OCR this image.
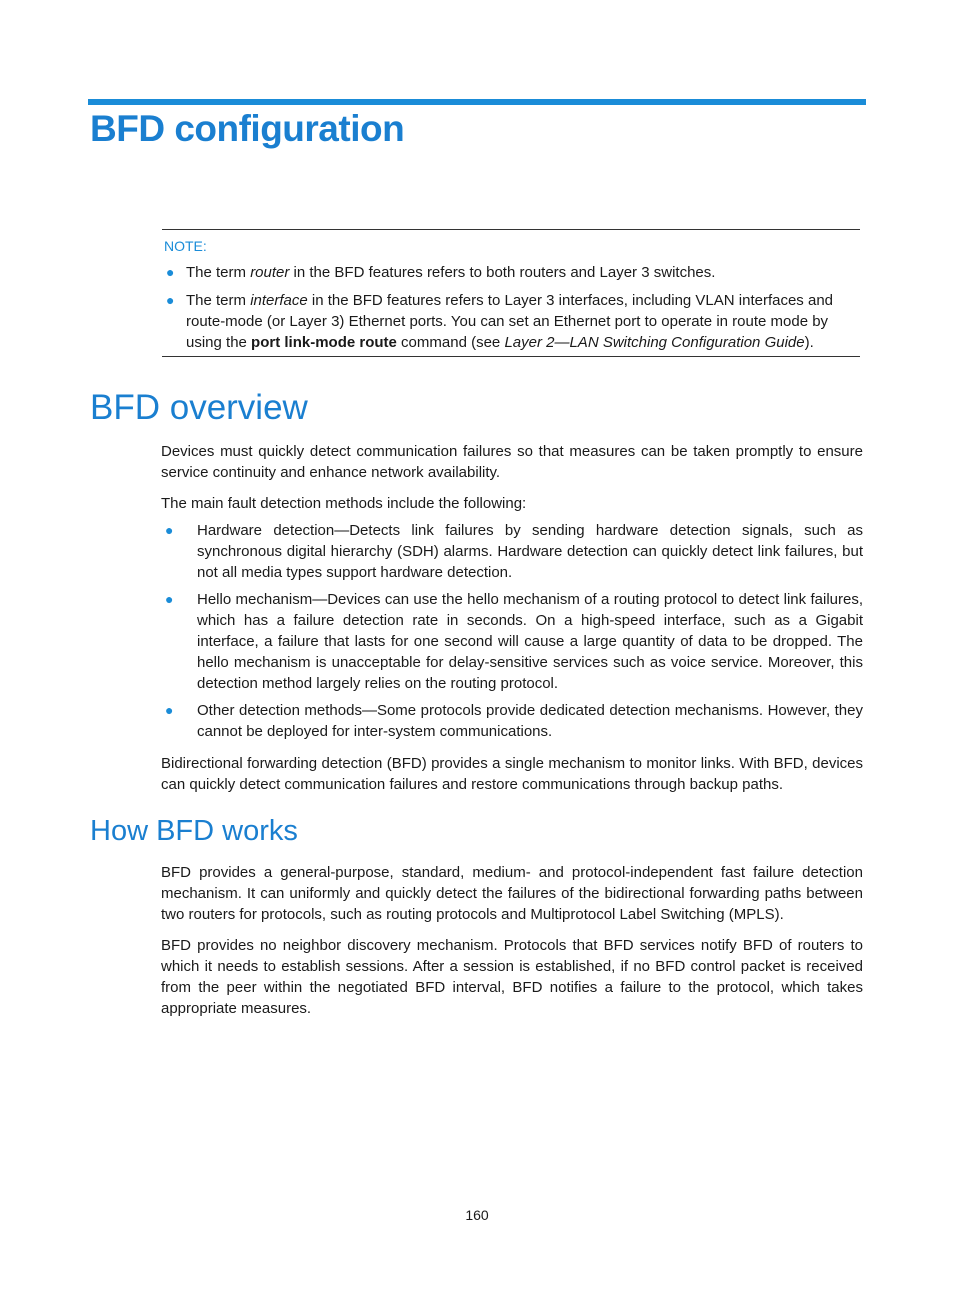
BFD configuration
NOTE:
● The term router in the BFD features refers to both routers and Layer 3 switches.
● The term interface in the BFD features refers to Layer 3 interfaces, including VLAN interfaces and route-mode (or Layer 3) Ethernet ports. You can set an Ethernet port to operate in route mode by using the port link-mode route command (see Layer 2—LAN Switching Configuration Guide).
BFD overview

Devices must quickly detect communication failures so that measures can be taken promptly to ensure service continuity and enhance network availability.

The main fault detection methods include the following:

● Hardware detection—Detects link failures by sending hardware detection signals, such as synchronous digital hierarchy (SDH) alarms. Hardware detection can quickly detect link failures, but not all media types support hardware detection.
● Hello mechanism—Devices can use the hello mechanism of a routing protocol to detect link failures, which has a failure detection rate in seconds. On a high-speed interface, such as a Gigabit interface, a failure that lasts for one second will cause a large quantity of data to be dropped. The hello mechanism is unacceptable for delay-sensitive services such as voice service. Moreover, this detection method largely relies on the routing protocol.
● Other detection methods—Some protocols provide dedicated detection mechanisms. However, they cannot be deployed for inter-system communications.

Bidirectional forwarding detection (BFD) provides a single mechanism to monitor links. With BFD, devices can quickly detect communication failures and restore communications through backup paths.

How BFD works

BFD provides a general-purpose, standard, medium- and protocol-independent fast failure detection mechanism. It can uniformly and quickly detect the failures of the bidirectional forwarding paths between two routers for protocols, such as routing protocols and Multiprotocol Label Switching (MPLS).

BFD provides no neighbor discovery mechanism. Protocols that BFD services notify BFD of routers to which it needs to establish sessions. After a session is established, if no BFD control packet is received from the peer within the negotiated BFD interval, BFD notifies a failure to the protocol, which takes appropriate measures.

160
